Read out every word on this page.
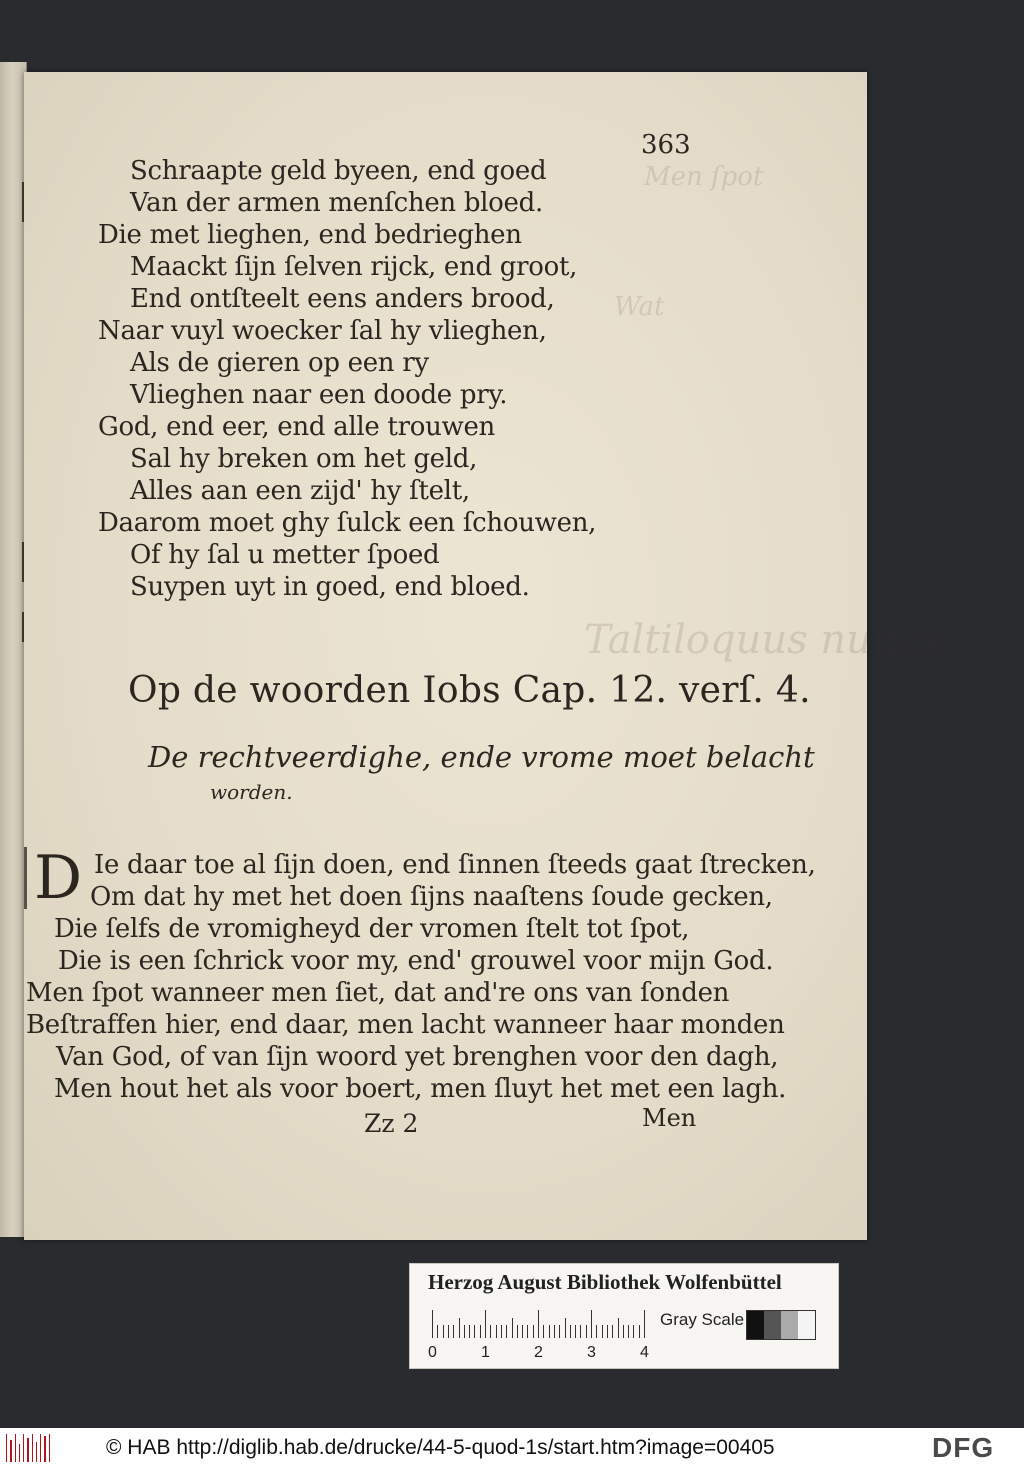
Men ſpot
Wat
Taltiloquus nugas
363
Schraapte geld byeen, end goed
Van der armen menſchen bloed.
Die met lieghen, end bedrieghen
Maackt ſijn ſelven rijck, end groot,
End ontſteelt eens anders brood,
Naar vuyl woecker ſal hy vlieghen,
Als de gieren op een ry
Vlieghen naar een doode pry.
God, end eer, end alle trouwen
Sal hy breken om het geld,
Alles aan een zijd' hy ſtelt,
Daarom moet ghy ſulck een ſchouwen,
Of hy ſal u metter ſpoed
Suypen uyt in goed, end bloed.
Op de woorden Iobs Cap. 12. verſ. 4.
De rechtveerdighe, ende vrome moet belacht
worden.
D Ie daar toe al ſijn doen, end ſinnen ſteeds gaat ſtrecken,
Om dat hy met het doen ſijns naaſtens ſoude gecken,
Die ſelfs de vromigheyd der vromen ſtelt tot ſpot,
Die is een ſchrick voor my, end' grouwel voor mijn God.
Men ſpot wanneer men ſiet, dat and're ons van ſonden
Beſtraffen hier, end daar, men lacht wanneer haar monden
Van God, of van ſijn woord yet brenghen voor den dagh,
Men hout het als voor boert, men ſluyt het met een lagh.
Zz 2	Men
Herzog August Bibliothek Wolfenbüttel
0	1	2	3	4
Gray Scale
© HAB http://diglib.hab.de/drucke/44-5-quod-1s/start.htm?image=00405	DFG
